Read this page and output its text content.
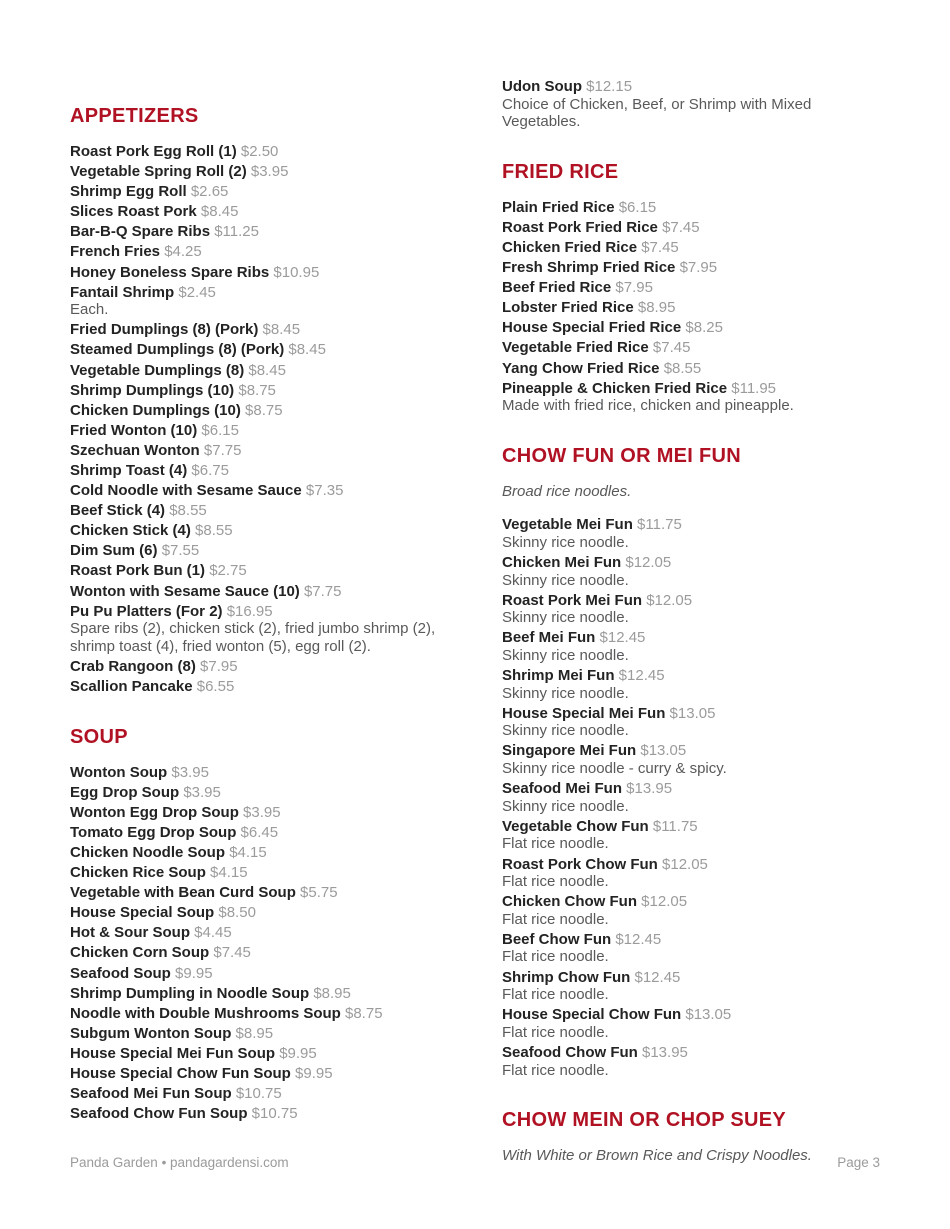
APPETIZERS
Roast Pork Egg Roll (1) $2.50
Vegetable Spring Roll (2) $3.95
Shrimp Egg Roll $2.65
Slices Roast Pork $8.45
Bar-B-Q Spare Ribs $11.25
French Fries $4.25
Honey Boneless Spare Ribs $10.95
Fantail Shrimp $2.45
Each.
Fried Dumplings (8) (Pork) $8.45
Steamed Dumplings (8) (Pork) $8.45
Vegetable Dumplings (8) $8.45
Shrimp Dumplings (10) $8.75
Chicken Dumplings (10) $8.75
Fried Wonton (10) $6.15
Szechuan Wonton $7.75
Shrimp Toast (4) $6.75
Cold Noodle with Sesame Sauce $7.35
Beef Stick (4) $8.55
Chicken Stick (4) $8.55
Dim Sum (6) $7.55
Roast Pork Bun (1) $2.75
Wonton with Sesame Sauce (10) $7.75
Pu Pu Platters (For 2) $16.95
Spare ribs (2), chicken stick (2), fried jumbo shrimp (2), shrimp toast (4), fried wonton (5), egg roll (2).
Crab Rangoon (8) $7.95
Scallion Pancake $6.55
SOUP
Wonton Soup $3.95
Egg Drop Soup $3.95
Wonton Egg Drop Soup $3.95
Tomato Egg Drop Soup $6.45
Chicken Noodle Soup $4.15
Chicken Rice Soup $4.15
Vegetable with Bean Curd Soup $5.75
House Special Soup $8.50
Hot & Sour Soup $4.45
Chicken Corn Soup $7.45
Seafood Soup $9.95
Shrimp Dumpling in Noodle Soup $8.95
Noodle with Double Mushrooms Soup $8.75
Subgum Wonton Soup $8.95
House Special Mei Fun Soup $9.95
House Special Chow Fun Soup $9.95
Seafood Mei Fun Soup $10.75
Seafood Chow Fun Soup $10.75
Udon Soup $12.15
Choice of Chicken, Beef, or Shrimp with Mixed Vegetables.
FRIED RICE
Plain Fried Rice $6.15
Roast Pork Fried Rice $7.45
Chicken Fried Rice $7.45
Fresh Shrimp Fried Rice $7.95
Beef Fried Rice $7.95
Lobster Fried Rice $8.95
House Special Fried Rice $8.25
Vegetable Fried Rice $7.45
Yang Chow Fried Rice $8.55
Pineapple & Chicken Fried Rice $11.95
Made with fried rice, chicken and pineapple.
CHOW FUN OR MEI FUN

Broad rice noodles.

Vegetable Mei Fun $11.75
Skinny rice noodle.
Chicken Mei Fun $12.05
Skinny rice noodle.
Roast Pork Mei Fun $12.05
Skinny rice noodle.
Beef Mei Fun $12.45
Skinny rice noodle.
Shrimp Mei Fun $12.45
Skinny rice noodle.
House Special Mei Fun $13.05
Skinny rice noodle.
Singapore Mei Fun $13.05
Skinny rice noodle - curry & spicy.
Seafood Mei Fun $13.95
Skinny rice noodle.
Vegetable Chow Fun $11.75
Flat rice noodle.
Roast Pork Chow Fun $12.05
Flat rice noodle.
Chicken Chow Fun $12.05
Flat rice noodle.
Beef Chow Fun $12.45
Flat rice noodle.
Shrimp Chow Fun $12.45
Flat rice noodle.
House Special Chow Fun $13.05
Flat rice noodle.
Seafood Chow Fun $13.95
Flat rice noodle.
CHOW MEIN OR CHOP SUEY

With White or Brown Rice and Crispy Noodles.

Panda Garden • pandagardensi.com	Page 3
